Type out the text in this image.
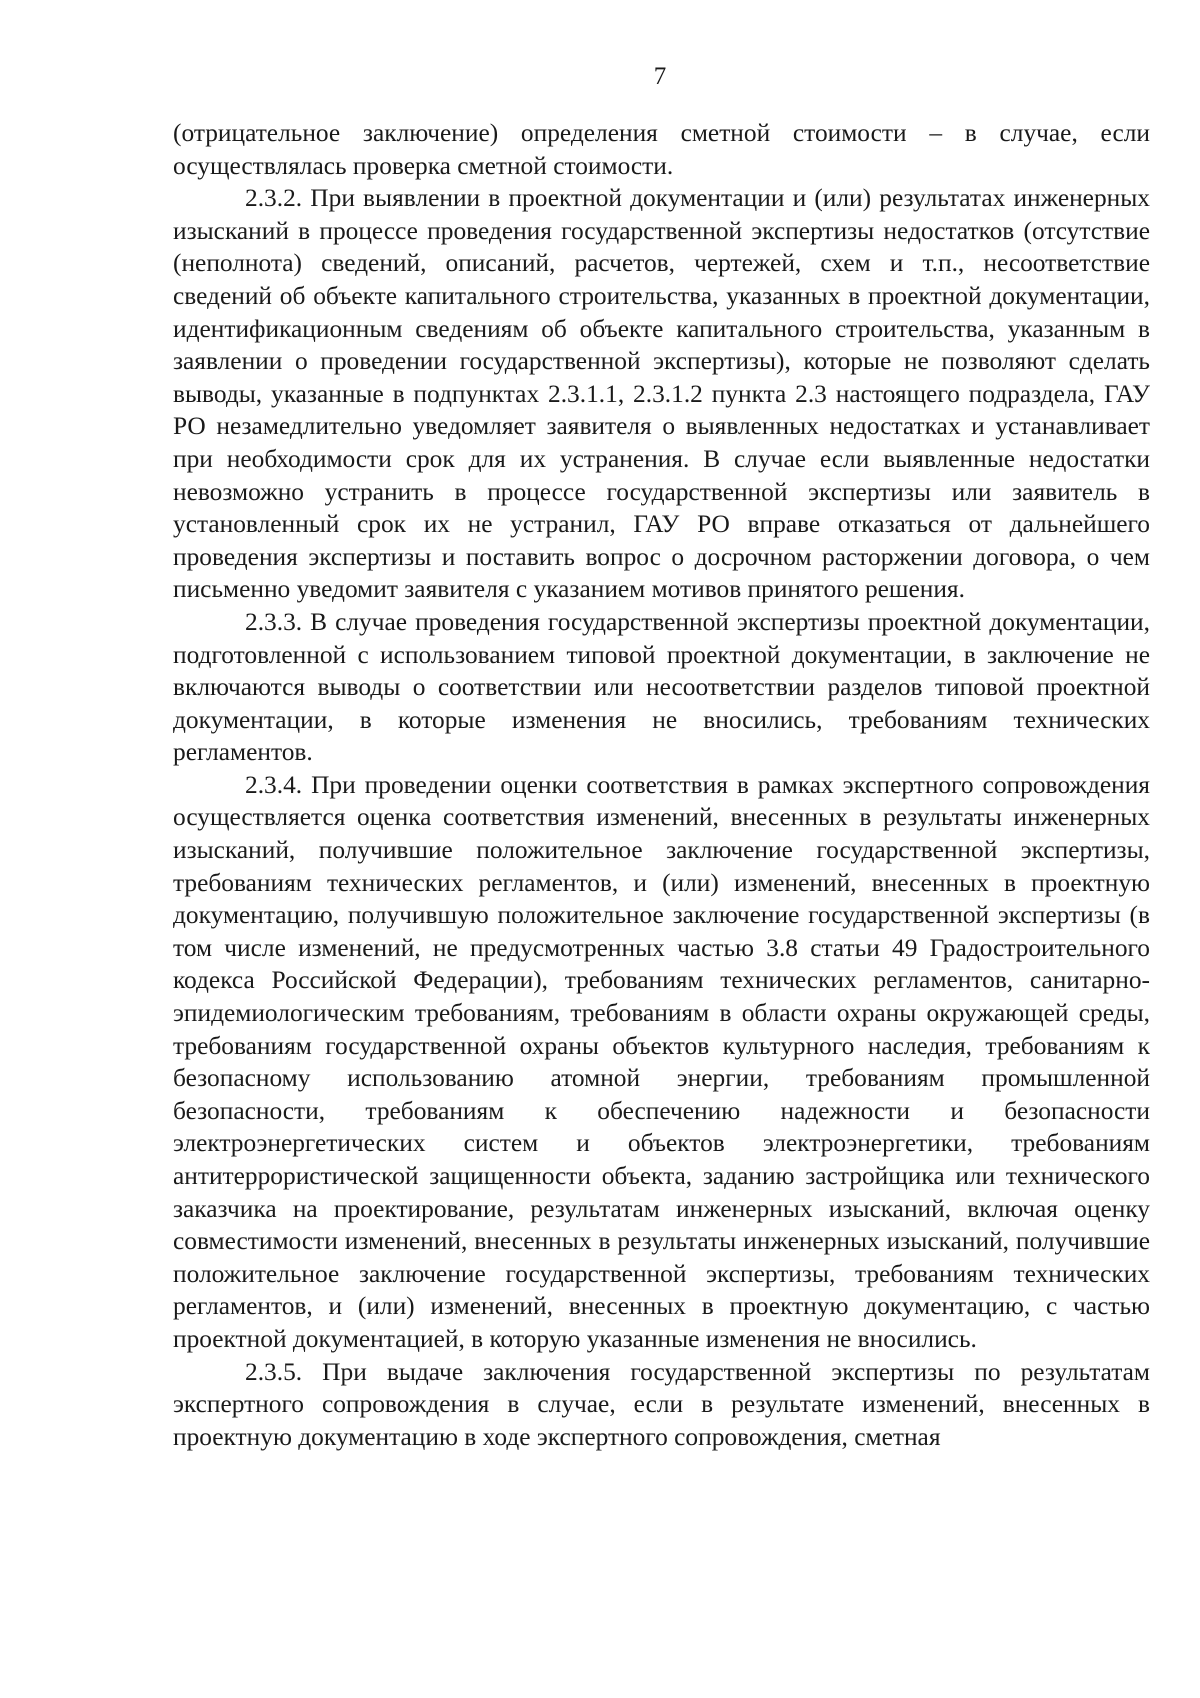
7

(отрицательное заключение) определения сметной стоимости – в случае, если осуществлялась проверка сметной стоимости.

2.3.2. При выявлении в проектной документации и (или) результатах инженерных изысканий в процессе проведения государственной экспертизы недостатков (отсутствие (неполнота) сведений, описаний, расчетов, чертежей, схем и т.п., несоответствие сведений об объекте капитального строительства, указанных в проектной документации, идентификационным сведениям об объекте капитального строительства, указанным в заявлении о проведении государственной экспертизы), которые не позволяют сделать выводы, указанные в подпунктах 2.3.1.1, 2.3.1.2 пункта 2.3 настоящего подраздела, ГАУ РО незамедлительно уведомляет заявителя о выявленных недостатках и устанавливает при необходимости срок для их устранения. В случае если выявленные недостатки невозможно устранить в процессе государственной экспертизы или заявитель в установленный срок их не устранил, ГАУ РО вправе отказаться от дальнейшего проведения экспертизы и поставить вопрос о досрочном расторжении договора, о чем письменно уведомит заявителя с указанием мотивов принятого решения.

2.3.3. В случае проведения государственной экспертизы проектной документации, подготовленной с использованием типовой проектной документации, в заключение не включаются выводы о соответствии или несоответствии разделов типовой проектной документации, в которые изменения не вносились, требованиям технических регламентов.

2.3.4. При проведении оценки соответствия в рамках экспертного сопровождения осуществляется оценка соответствия изменений, внесенных в результаты инженерных изысканий, получившие положительное заключение государственной экспертизы, требованиям технических регламентов, и (или) изменений, внесенных в проектную документацию, получившую положительное заключение государственной экспертизы (в том числе изменений, не предусмотренных частью 3.8 статьи 49 Градостроительного кодекса Российской Федерации), требованиям технических регламентов, санитарно-эпидемиологическим требованиям, требованиям в области охраны окружающей среды, требованиям государственной охраны объектов культурного наследия, требованиям к безопасному использованию атомной энергии, требованиям промышленной безопасности, требованиям к обеспечению надежности и безопасности электроэнергетических систем и объектов электроэнергетики, требованиям антитеррористической защищенности объекта, заданию застройщика или технического заказчика на проектирование, результатам инженерных изысканий, включая оценку совместимости изменений, внесенных в результаты инженерных изысканий, получившие положительное заключение государственной экспертизы, требованиям технических регламентов, и (или) изменений, внесенных в проектную документацию, с частью проектной документацией, в которую указанные изменения не вносились.

2.3.5. При выдаче заключения государственной экспертизы по результатам экспертного сопровождения в случае, если в результате изменений, внесенных в проектную документацию в ходе экспертного сопровождения, сметная
